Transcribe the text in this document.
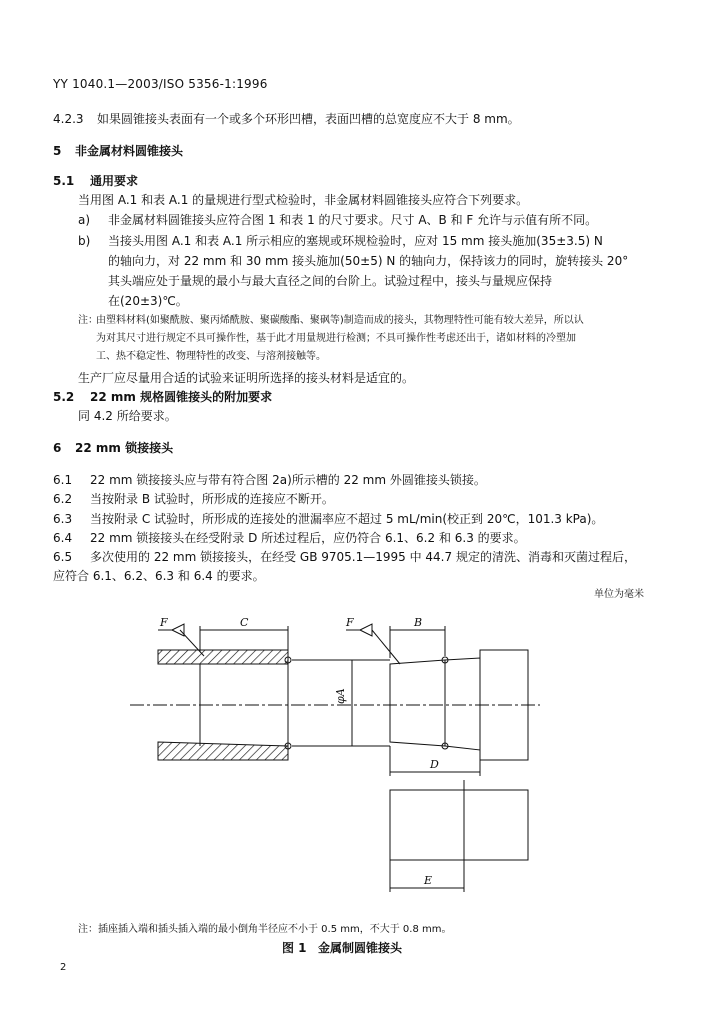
YY 1040.1—2003/ISO 5356-1:1996
4.2.3 如果圆锥接头表面有一个或多个环形凹槽，表面凹槽的总宽度应不大于 8 mm。
5 非金属材料圆锥接头
5.1 通用要求
当用图 A.1 和表 A.1 的量规进行型式检验时，非金属材料圆锥接头应符合下列要求。
a) 非金属材料圆锥接头应符合图 1 和表 1 的尺寸要求。尺寸 A、B 和 F 允许与示值有所不同。
b) 当接头用图 A.1 和表 A.1 所示相应的塞规或环规检验时，应对 15 mm 接头施加(35±3.5) N
的轴向力，对 22 mm 和 30 mm 接头施加(50±5) N 的轴向力，保持该力的同时，旋转接头 20°
其头端应处于量规的最小与最大直径之间的台阶上。试验过程中，接头与量规应保持
在(20±3)℃。
注：
由塑料材料(如聚酰胺、聚丙烯酰胺、聚碳酸酯、聚砜等)制造而成的接头，其物理特性可能有较大差异，所以认
为对其尺寸进行规定不具可操作性，基于此才用量规进行检测；不具可操作性考虑还出于，诸如材料的冷塑加
工、热不稳定性、物理特性的改变、与溶剂接触等。
生产厂应尽量用合适的试验来证明所选择的接头材料是适宜的。
5.2 22 mm 规格圆锥接头的附加要求
同 4.2 所给要求。
6 22 mm 锁接接头
6.1 22 mm 锁接接头应与带有符合图 2a)所示槽的 22 mm 外圆锥接头锁接。
6.2 当按附录 B 试验时，所形成的连接应不断开。
6.3 当按附录 C 试验时，所形成的连接处的泄漏率应不超过 5 mL/min(校正到 20℃，101.3 kPa)。
6.4 22 mm 锁接接头在经受附录 D 所述过程后，应仍符合 6.1、6.2 和 6.3 的要求。
6.5 多次使用的 22 mm 锁接接头，在经受 GB 9705.1—1995 中 44.7 规定的清洗、消毒和灭菌过程后，
应符合 6.1、6.2、6.3 和 6.4 的要求。
单位为毫米
F	C	F	B
φA
D
E
注：插座插入端和插头插入端的最小倒角半径应不小于 0.5 mm，不大于 0.8 mm。
图 1 金属制圆锥接头
2
